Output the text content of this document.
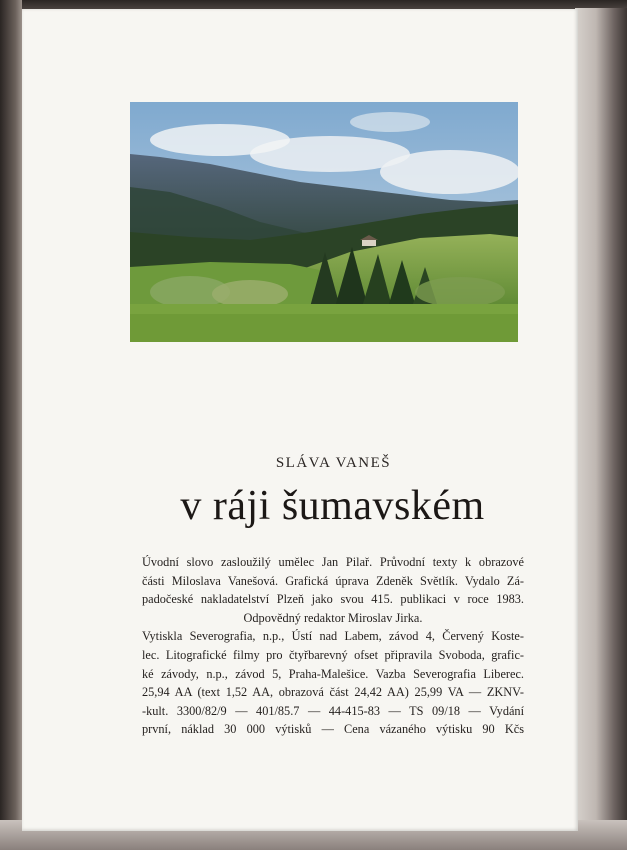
SLÁVA VANEŠ
v ráji šumavském

Úvodní slovo zasloužilý umělec Jan Pilař. Průvodní texty k obrazové

části Miloslava Vanešová. Grafická úprava Zdeněk Světlík. Vydalo Zá-

padočeské nakladatelství Plzeň jako svou 415. publikaci v roce 1983.

Odpovědný redaktor Miroslav Jirka.

Vytiskla Severografia, n.p., Ústí nad Labem, závod 4, Červený Koste-

lec. Litografické filmy pro čtyřbarevný ofset připravila Svoboda, grafic-

ké závody, n.p., závod 5, Praha-Malešice. Vazba Severografia Liberec.

25,94 AA (text 1,52 AA, obrazová část 24,42 AA) 25,99 VA — ZKNV-

-kult. 3300/82/9 — 401/85.7 — 44-415-83 — TS 09/18 — Vydání

první, náklad 30 000 výtisků — Cena vázaného výtisku 90 Kčs
